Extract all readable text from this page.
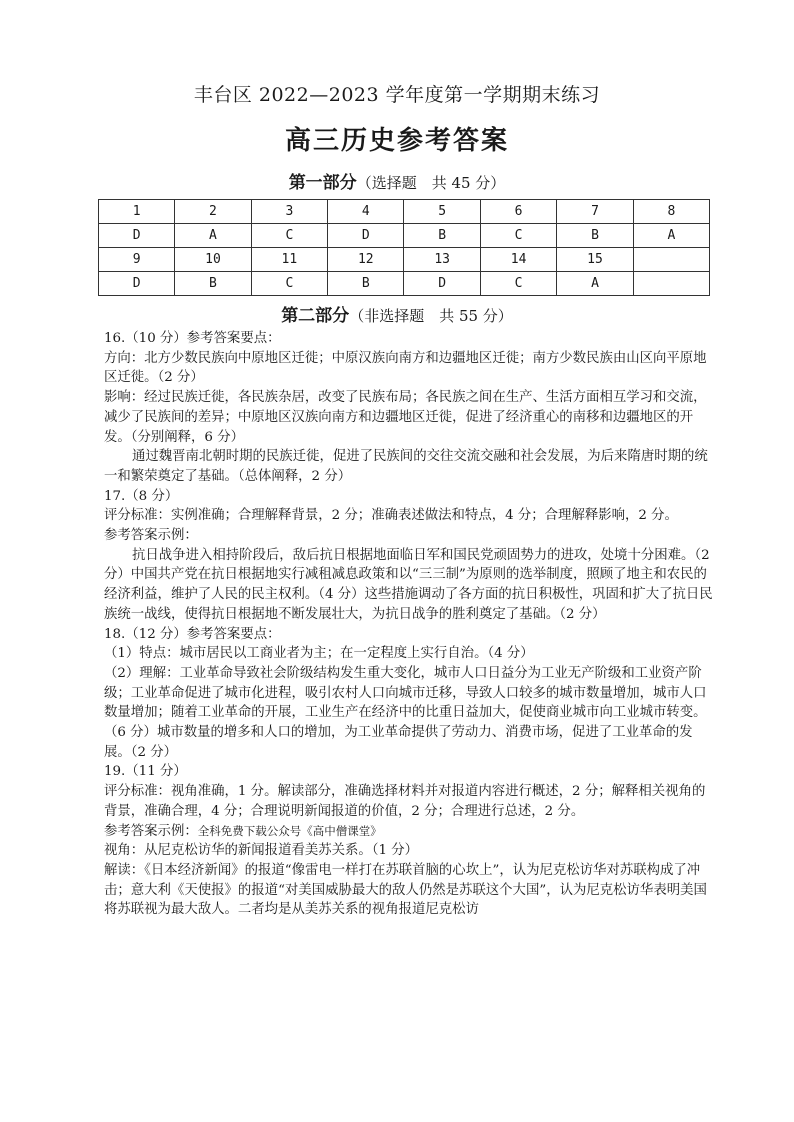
丰台区 2022—2023 学年度第一学期期末练习
高三历史参考答案
第一部分（选择题　共 45 分）
1	2	3	4	5	6	7	8
D	A	C	D	B	C	B	A
9	10	11	12	13	14	15	
D	B	C	B	D	C	A	
第二部分（非选择题　共 55 分）

16.（10 分）参考答案要点：

方向：北方少数民族向中原地区迁徙；中原汉族向南方和边疆地区迁徙；南方少数民族由山区向平原地区迁徙。（2 分）

影响：经过民族迁徙，各民族杂居，改变了民族布局；各民族之间在生产、生活方面相互学习和交流，减少了民族间的差异；中原地区汉族向南方和边疆地区迁徙，促进了经济重心的南移和边疆地区的开发。（分别阐释，6 分）

通过魏晋南北朝时期的民族迁徙，促进了民族间的交往交流交融和社会发展，为后来隋唐时期的统一和繁荣奠定了基础。（总体阐释，2 分）

17.（8 分）

评分标准：实例准确；合理解释背景，2 分；准确表述做法和特点，4 分；合理解释影响，2 分。

参考答案示例：

抗日战争进入相持阶段后，敌后抗日根据地面临日军和国民党顽固势力的进攻，处境十分困难。（2 分）中国共产党在抗日根据地实行减租减息政策和以“三三制”为原则的选举制度，照顾了地主和农民的经济利益，维护了人民的民主权利。（4 分）这些措施调动了各方面的抗日积极性，巩固和扩大了抗日民族统一战线，使得抗日根据地不断发展壮大，为抗日战争的胜利奠定了基础。（2 分）

18.（12 分）参考答案要点：

（1）特点：城市居民以工商业者为主；在一定程度上实行自治。（4 分）

（2）理解：工业革命导致社会阶级结构发生重大变化，城市人口日益分为工业无产阶级和工业资产阶级；工业革命促进了城市化进程，吸引农村人口向城市迁移，导致人口较多的城市数量增加，城市人口数量增加；随着工业革命的开展，工业生产在经济中的比重日益加大，促使商业城市向工业城市转变。（6 分）城市数量的增多和人口的增加，为工业革命提供了劳动力、消费市场，促进了工业革命的发展。（2 分）

19.（11 分）

评分标准：视角准确，1 分。解读部分，准确选择材料并对报道内容进行概述，2 分；解释相关视角的背景，准确合理，4 分；合理说明新闻报道的价值，2 分；合理进行总述，2 分。

参考答案示例：全科免费下载公众号《高中僧课堂》

视角：从尼克松访华的新闻报道看美苏关系。（1 分）

解读：《日本经济新闻》的报道“像雷电一样打在苏联首脑的心坎上”，认为尼克松访华对苏联构成了冲击；意大利《天使报》的报道“对美国威胁最大的敌人仍然是苏联这个大国”，认为尼克松访华表明美国将苏联视为最大敌人。二者均是从美苏关系的视角报道尼克松访
